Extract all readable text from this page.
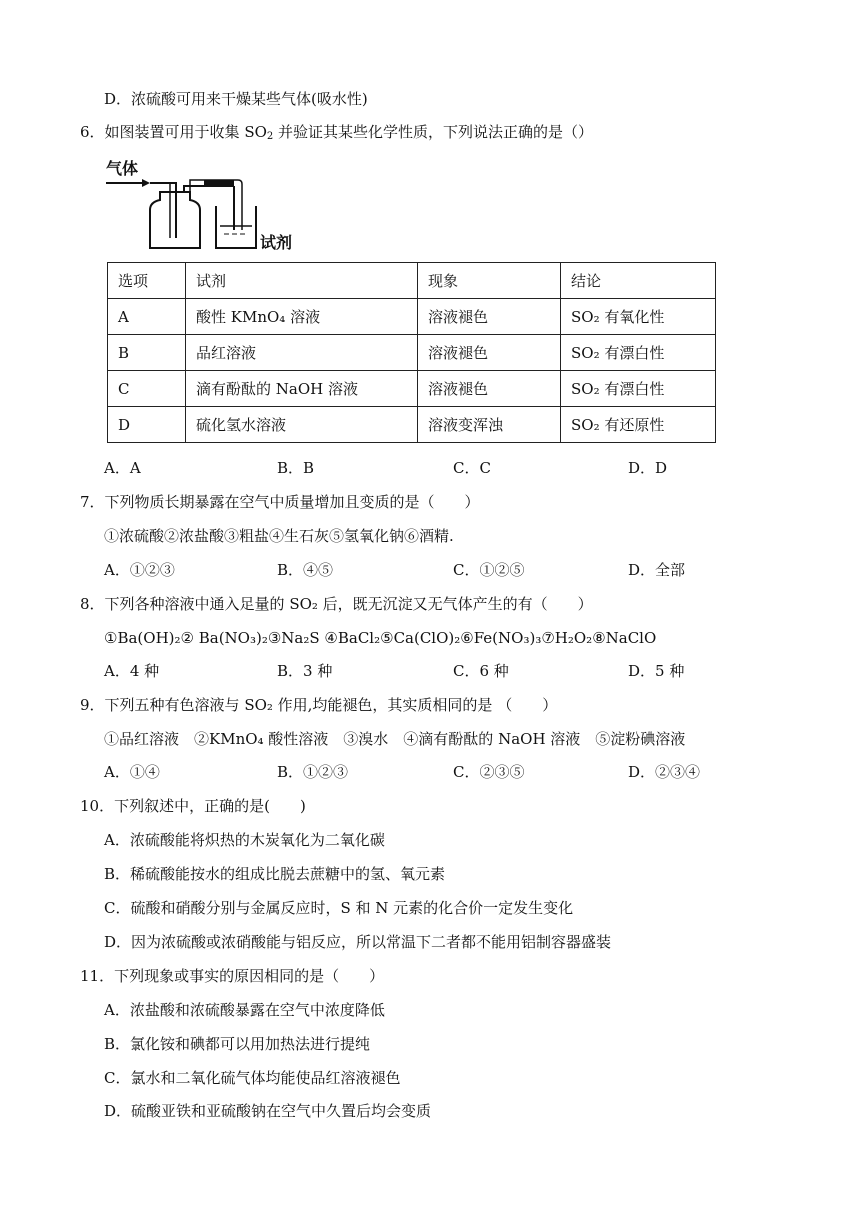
D．浓硫酸可用来干燥某些气体(吸水性)
6．如图装置可用于收集 $SO_2$ 并验证其某些化学性质，下列说法正确的是（）
气体
试剂
选项	试剂	现象	结论
A	酸性 KMnO₄ 溶液	溶液褪色	SO₂ 有氧化性
B	品红溶液	溶液褪色	SO₂ 有漂白性
C	滴有酚酞的 NaOH 溶液	溶液褪色	SO₂ 有漂白性
D	硫化氢水溶液	溶液变浑浊	SO₂ 有还原性
A．A	B．B	C．C	D．D
7．下列物质长期暴露在空气中质量增加且变质的是（　　）
①浓硫酸②浓盐酸③粗盐④生石灰⑤氢氧化钠⑥酒精.
A．①②③	B．④⑤	C．①②⑤	D．全部
8．下列各种溶液中通入足量的 SO₂ 后，既无沉淀又无气体产生的有（　　）
①Ba(OH)₂② Ba(NO₃)₂③Na₂S ④BaCl₂⑤Ca(ClO)₂⑥Fe(NO₃)₃⑦H₂O₂⑧NaClO
A．4 种	B．3 种	C．6 种	D．5 种
9．下列五种有色溶液与 SO₂ 作用,均能褪色，其实质相同的是 （　　）
①品红溶液　②KMnO₄ 酸性溶液　③溴水　④滴有酚酞的 NaOH 溶液　⑤淀粉碘溶液
A．①④	B．①②③	C．②③⑤	D．②③④
10．下列叙述中，正确的是(　　)
A．浓硫酸能将炽热的木炭氧化为二氧化碳
B．稀硫酸能按水的组成比脱去蔗糖中的氢、氧元素
C．硫酸和硝酸分别与金属反应时，S 和 N 元素的化合价一定发生变化
D．因为浓硫酸或浓硝酸能与铝反应，所以常温下二者都不能用铝制容器盛装
11．下列现象或事实的原因相同的是（　　）
A．浓盐酸和浓硫酸暴露在空气中浓度降低
B．氯化铵和碘都可以用加热法进行提纯
C．氯水和二氧化硫气体均能使品红溶液褪色
D．硫酸亚铁和亚硫酸钠在空气中久置后均会变质
